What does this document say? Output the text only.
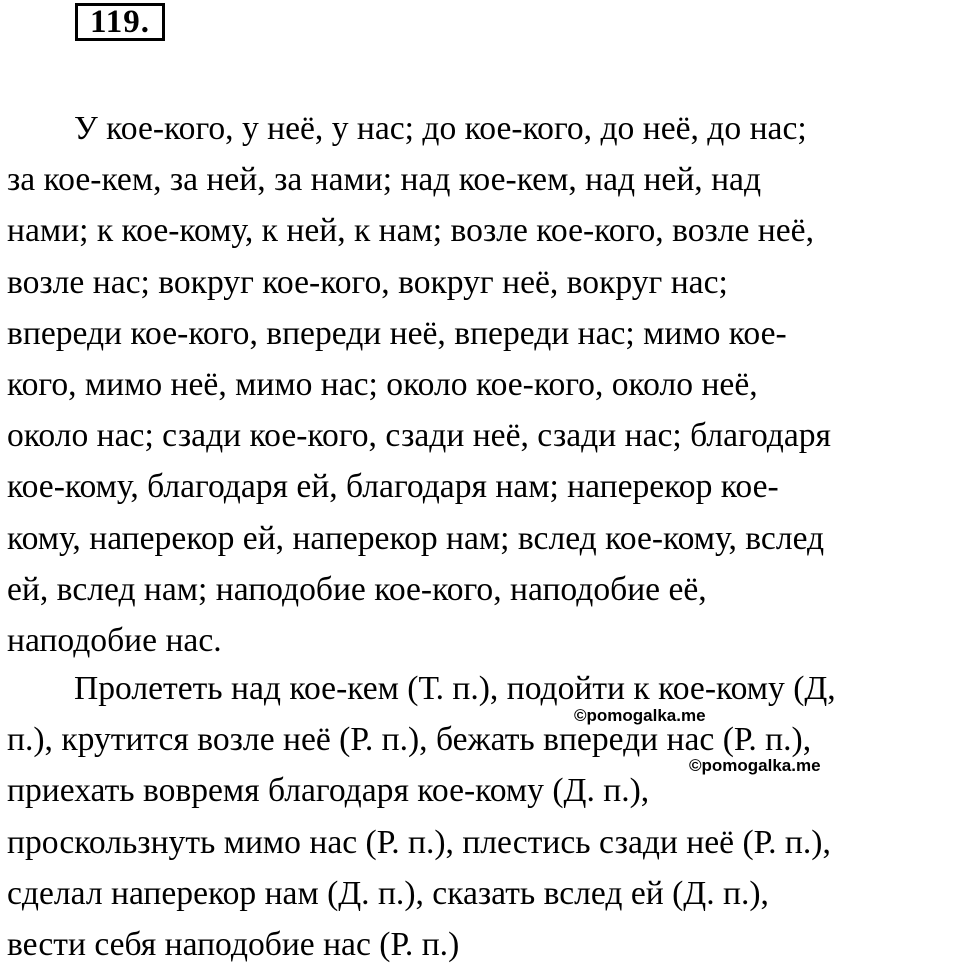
119.
У кое-кого, у неё, у нас; до кое-кого, до неё, до нас;
за кое-кем, за ней, за нами; над кое-кем, над ней, над
нами; к кое-кому, к ней, к нам; возле кое-кого, возле неё,
возле нас; вокруг кое-кого, вокруг неё, вокруг нас;
впереди кое-кого, впереди неё, впереди нас; мимо кое-
кого, мимо неё, мимо нас; около кое-кого, около неё,
около нас; сзади кое-кого, сзади неё, сзади нас; благодаря
кое-кому, благодаря ей, благодаря нам; наперекор кое-
кому, наперекор ей, наперекор нам; вслед кое-кому, вслед
ей, вслед нам; наподобие кое-кого, наподобие её,
наподобие нас.
Пролететь над кое-кем (Т. п.), подойти к кое-кому (Д,
п.), крутится возле неё (Р. п.), бежать впереди нас (Р. п.),
приехать вовремя благодаря кое-кому (Д. п.),
проскользнуть мимо нас (Р. п.), плестись сзади неё (Р. п.),
сделал наперекор нам (Д. п.), сказать вслед ей (Д. п.),
вести себя наподобие нас (Р. п.)
©pomogalka.me
©pomogalka.me
